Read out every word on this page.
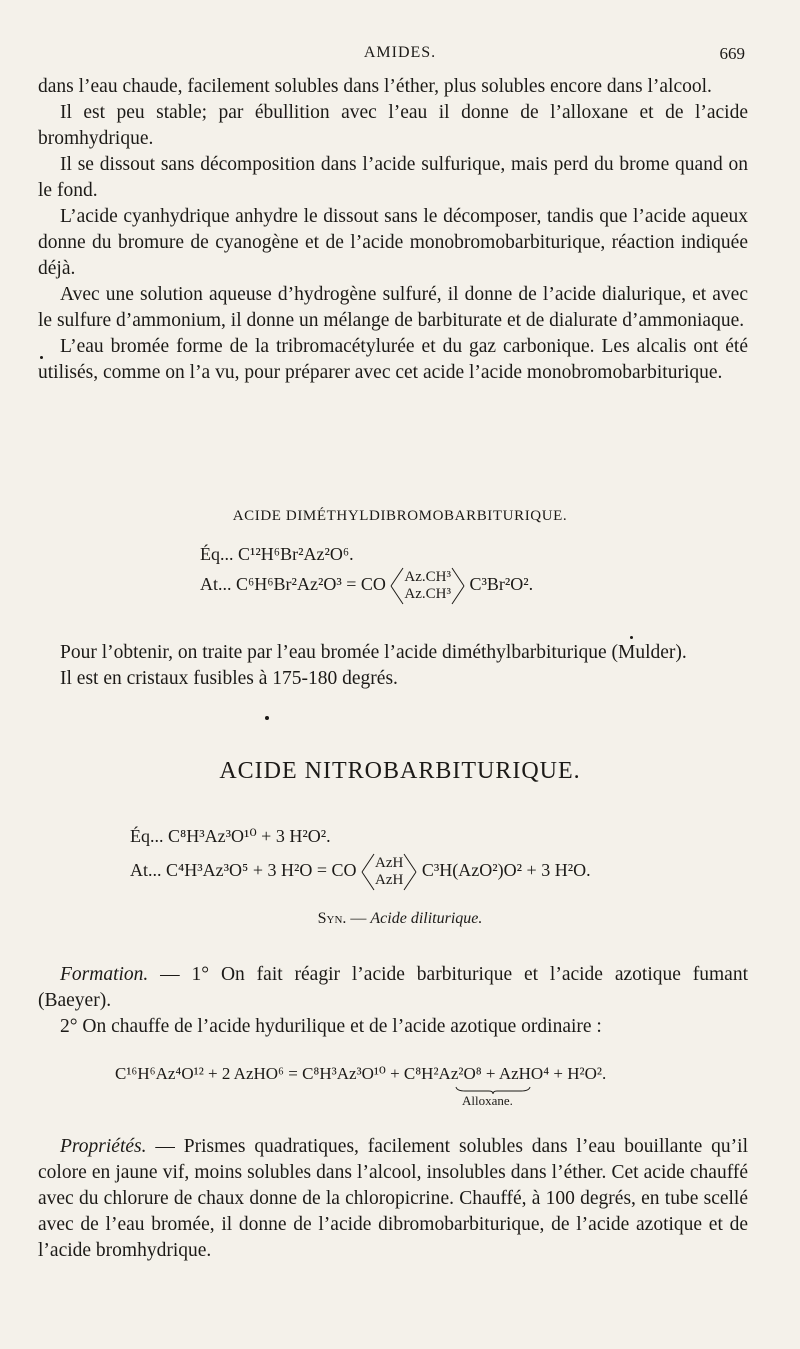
AMIDES.	669

dans l’eau chaude, facilement solubles dans l’éther, plus solubles encore dans l’alcool.

Il est peu stable; par ébullition avec l’eau il donne de l’alloxane et de l’acide bromhydrique.

Il se dissout sans décomposition dans l’acide sulfurique, mais perd du brome quand on le fond.

L’acide cyanhydrique anhydre le dissout sans le décomposer, tandis que l’acide aqueux donne du bromure de cyanogène et de l’acide monobromobarbiturique, réaction indiquée déjà.

Avec une solution aqueuse d’hydrogène sulfuré, il donne de l’acide dialurique, et avec le sulfure d’ammonium, il donne un mélange de barbiturate et de dialurate d’ammoniaque.

L’eau bromée forme de la tribromacétylurée et du gaz carbonique. Les alcalis ont été utilisés, comme on l’a vu, pour préparer avec cet acide l’acide monobromobarbiturique.

ACIDE DIMÉTHYLDIBROMOBARBITURIQUE.
Éq... C¹²H⁶Br²Az²O⁶.
At... C⁶H⁶Br²Az²O³ = CO Az.CH³
Az.CH³ C³Br²O².

Pour l’obtenir, on traite par l’eau bromée l’acide diméthylbarbiturique (Mulder).

Il est en cristaux fusibles à 175-180 degrés.

ACIDE NITROBARBITURIQUE.
Éq... C⁸H³Az³O¹⁰ + 3 H²O².
At... C⁴H³Az³O⁵ + 3 H²O = CO AzH
AzH C³H(AzO²)O² + 3 H²O.
Syn. — Acide diliturique.

Formation. — 1° On fait réagir l’acide barbiturique et l’acide azotique fumant (Baeyer).

2° On chauffe de l’acide hydurilique et de l’acide azotique ordinaire :

C¹⁶H⁶Az⁴O¹² + 2 AzHO⁶ = C⁸H³Az³O¹⁰ + C⁸H²Az²O⁸ + AzHO⁴ + H²O².
Alloxane.

Propriétés. — Prismes quadratiques, facilement solubles dans l’eau bouillante qu’il colore en jaune vif, moins solubles dans l’alcool, insolubles dans l’éther. Cet acide chauffé avec du chlorure de chaux donne de la chloropicrine. Chauffé, à 100 degrés, en tube scellé avec de l’eau bromée, il donne de l’acide dibromobarbiturique, de l’acide azotique et de l’acide bromhydrique.
